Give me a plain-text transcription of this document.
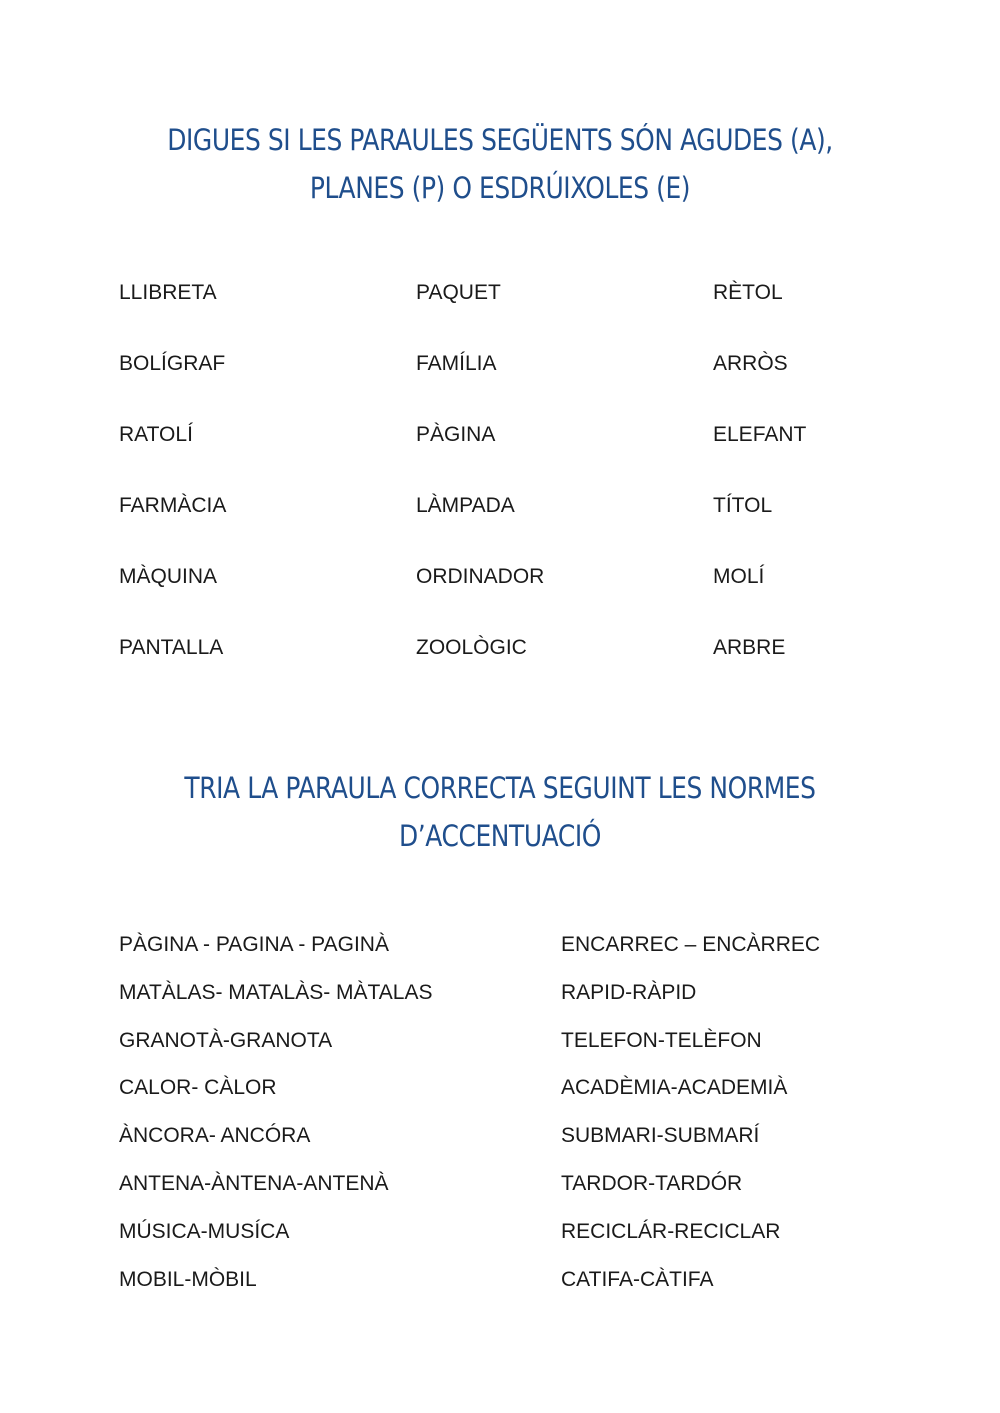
DIGUES SI LES PARAULES SEGÜENTS SÓN AGUDES (A),
PLANES (P) O ESDRÚIXOLES (E)
LLIBRETA	PAQUET	RÈTOL
BOLÍGRAF	FAMÍLIA	ARRÒS
RATOLÍ	PÀGINA	ELEFANT
FARMÀCIA	LÀMPADA	TÍTOL
MÀQUINA	ORDINADOR	MOLÍ
PANTALLA	ZOOLÒGIC	ARBRE
TRIA LA PARAULA CORRECTA SEGUINT LES NORMES
D’ACCENTUACIÓ
PÀGINA - PAGINA - PAGINÀ	ENCARREC – ENCÀRREC
MATÀLAS- MATALÀS- MÀTALAS	RAPID-RÀPID
GRANOTÀ-GRANOTA	TELEFON-TELÈFON
CALOR- CÀLOR	ACADÈMIA-ACADEMIÀ
ÀNCORA- ANCÓRA	SUBMARI-SUBMARÍ
ANTENA-ÀNTENA-ANTENÀ	TARDOR-TARDÓR
MÚSICA-MUSÍCA	RECICLÁR-RECICLAR
MOBIL-MÒBIL	CATIFA-CÀTIFA
